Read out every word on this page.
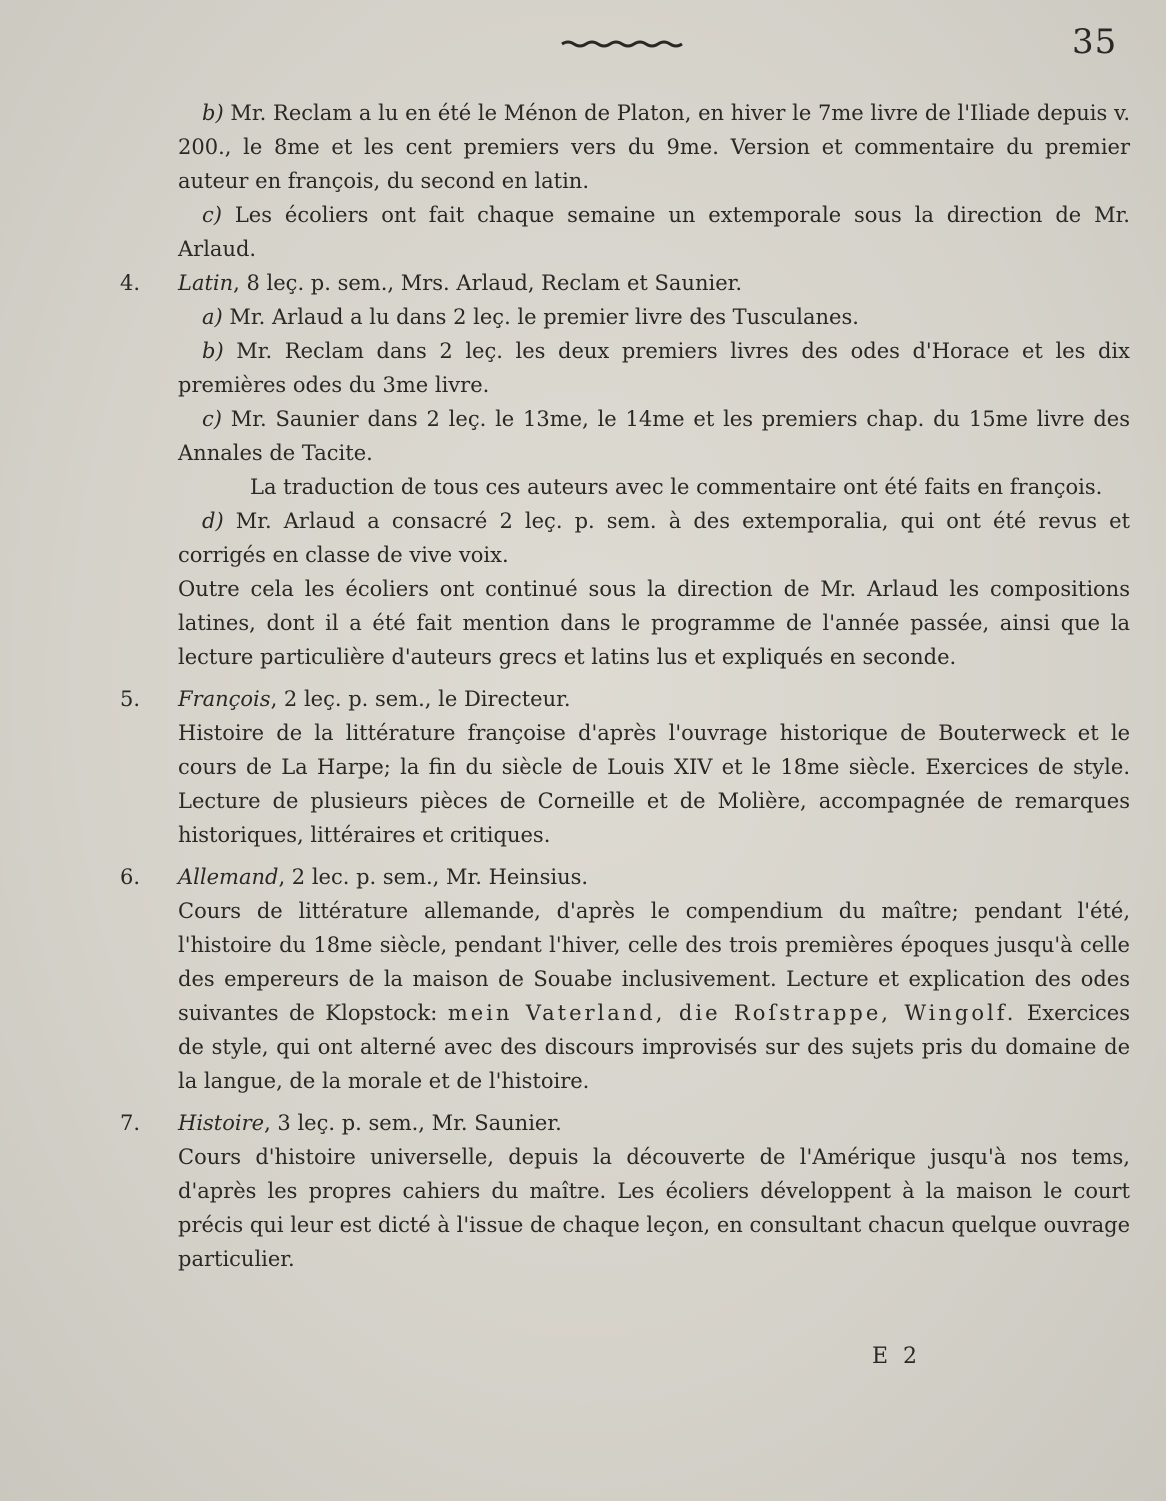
35

b) Mr. Reclam a lu en été le Ménon de Platon, en hiver le 7me livre de l'Iliade depuis v. 200., le 8me et les cent premiers vers du 9me. Version et commentaire du premier auteur en françois, du second en latin.

c) Les écoliers ont fait chaque semaine un extemporale sous la direction de Mr. Arlaud.

4.	Latin, 8 leç. p. sem., Mrs. Arlaud, Reclam et Saunier.

a) Mr. Arlaud a lu dans 2 leç. le premier livre des Tusculanes.

b) Mr. Reclam dans 2 leç. les deux premiers livres des odes d'Horace et les dix premières odes du 3me livre.

c) Mr. Saunier dans 2 leç. le 13me, le 14me et les premiers chap. du 15me livre des Annales de Tacite.

La traduction de tous ces auteurs avec le commentaire ont été faits en françois.

d) Mr. Arlaud a consacré 2 leç. p. sem. à des extemporalia, qui ont été revus et corrigés en classe de vive voix.

Outre cela les écoliers ont continué sous la direction de Mr. Arlaud les compositions latines, dont il a été fait mention dans le programme de l'année passée, ainsi que la lecture particulière d'auteurs grecs et latins lus et expliqués en seconde.

5.	François, 2 leç. p. sem., le Directeur.

Histoire de la littérature françoise d'après l'ouvrage historique de Bouterweck et le cours de La Harpe; la fin du siècle de Louis XIV et le 18me siècle. Exercices de style. Lecture de plusieurs pièces de Corneille et de Molière, accompagnée de remarques historiques, littéraires et critiques.

6.	Allemand, 2 lec. p. sem., Mr. Heinsius.

Cours de littérature allemande, d'après le compendium du maître; pendant l'été, l'histoire du 18me siècle, pendant l'hiver, celle des trois premières époques jusqu'à celle des empereurs de la maison de Souabe inclusivement. Lecture et explication des odes suivantes de Klopstock: mein Vaterland, die Roſstrappe, Wingolf. Exercices de style, qui ont alterné avec des discours improvisés sur des sujets pris du domaine de la langue, de la morale et de l'histoire.

7.	Histoire, 3 leç. p. sem., Mr. Saunier.

Cours d'histoire universelle, depuis la découverte de l'Amérique jusqu'à nos tems, d'après les propres cahiers du maître. Les écoliers développent à la maison le court précis qui leur est dicté à l'issue de chaque leçon, en consultant chacun quelque ouvrage particulier.

E 2
